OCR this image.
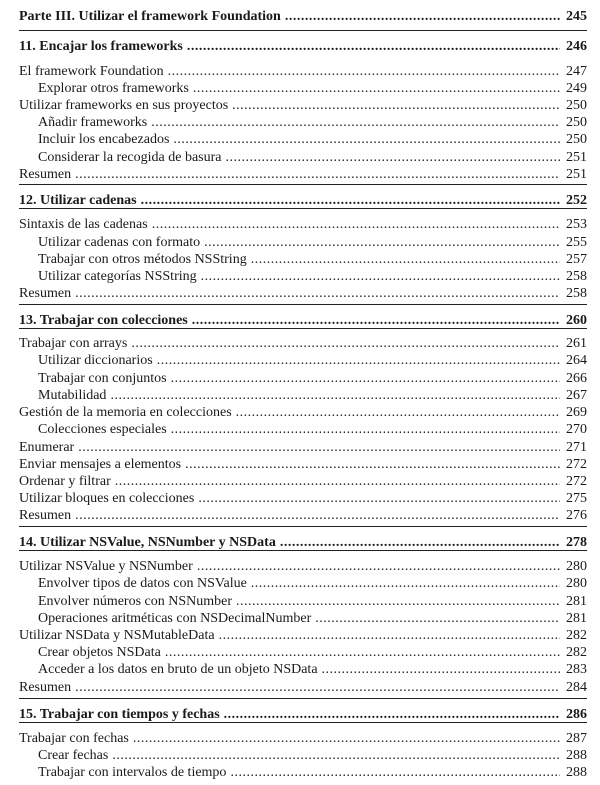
Parte III. Utilizar el framework Foundation .....	245
11. Encajar los frameworks .....	246
El framework Foundation .....	247
Explorar otros frameworks .....	249
Utilizar frameworks en sus proyectos .....	250
Añadir frameworks .....	250
Incluir los encabezados .....	250
Considerar la recogida de basura .....	251
Resumen .....	251
12. Utilizar cadenas .....	252
Sintaxis de las cadenas .....	253
Utilizar cadenas con formato .....	255
Trabajar con otros métodos NSString .....	257
Utilizar categorías NSString .....	258
Resumen .....	258
13. Trabajar con colecciones .....	260
Trabajar con arrays .....	261
Utilizar diccionarios .....	264
Trabajar con conjuntos .....	266
Mutabilidad .....	267
Gestión de la memoria en colecciones .....	269
Colecciones especiales .....	270
Enumerar .....	271
Enviar mensajes a elementos .....	272
Ordenar y filtrar .....	272
Utilizar bloques en colecciones .....	275
Resumen .....	276
14. Utilizar NSValue, NSNumber y NSData .....	278
Utilizar NSValue y NSNumber .....	280
Envolver tipos de datos con NSValue .....	280
Envolver números con NSNumber .....	281
Operaciones aritméticas con NSDecimalNumber .....	281
Utilizar NSData y NSMutableData .....	282
Crear objetos NSData .....	282
Acceder a los datos en bruto de un objeto NSData .....	283
Resumen .....	284
15. Trabajar con tiempos y fechas .....	286
Trabajar con fechas .....	287
Crear fechas .....	288
Trabajar con intervalos de tiempo .....	288
